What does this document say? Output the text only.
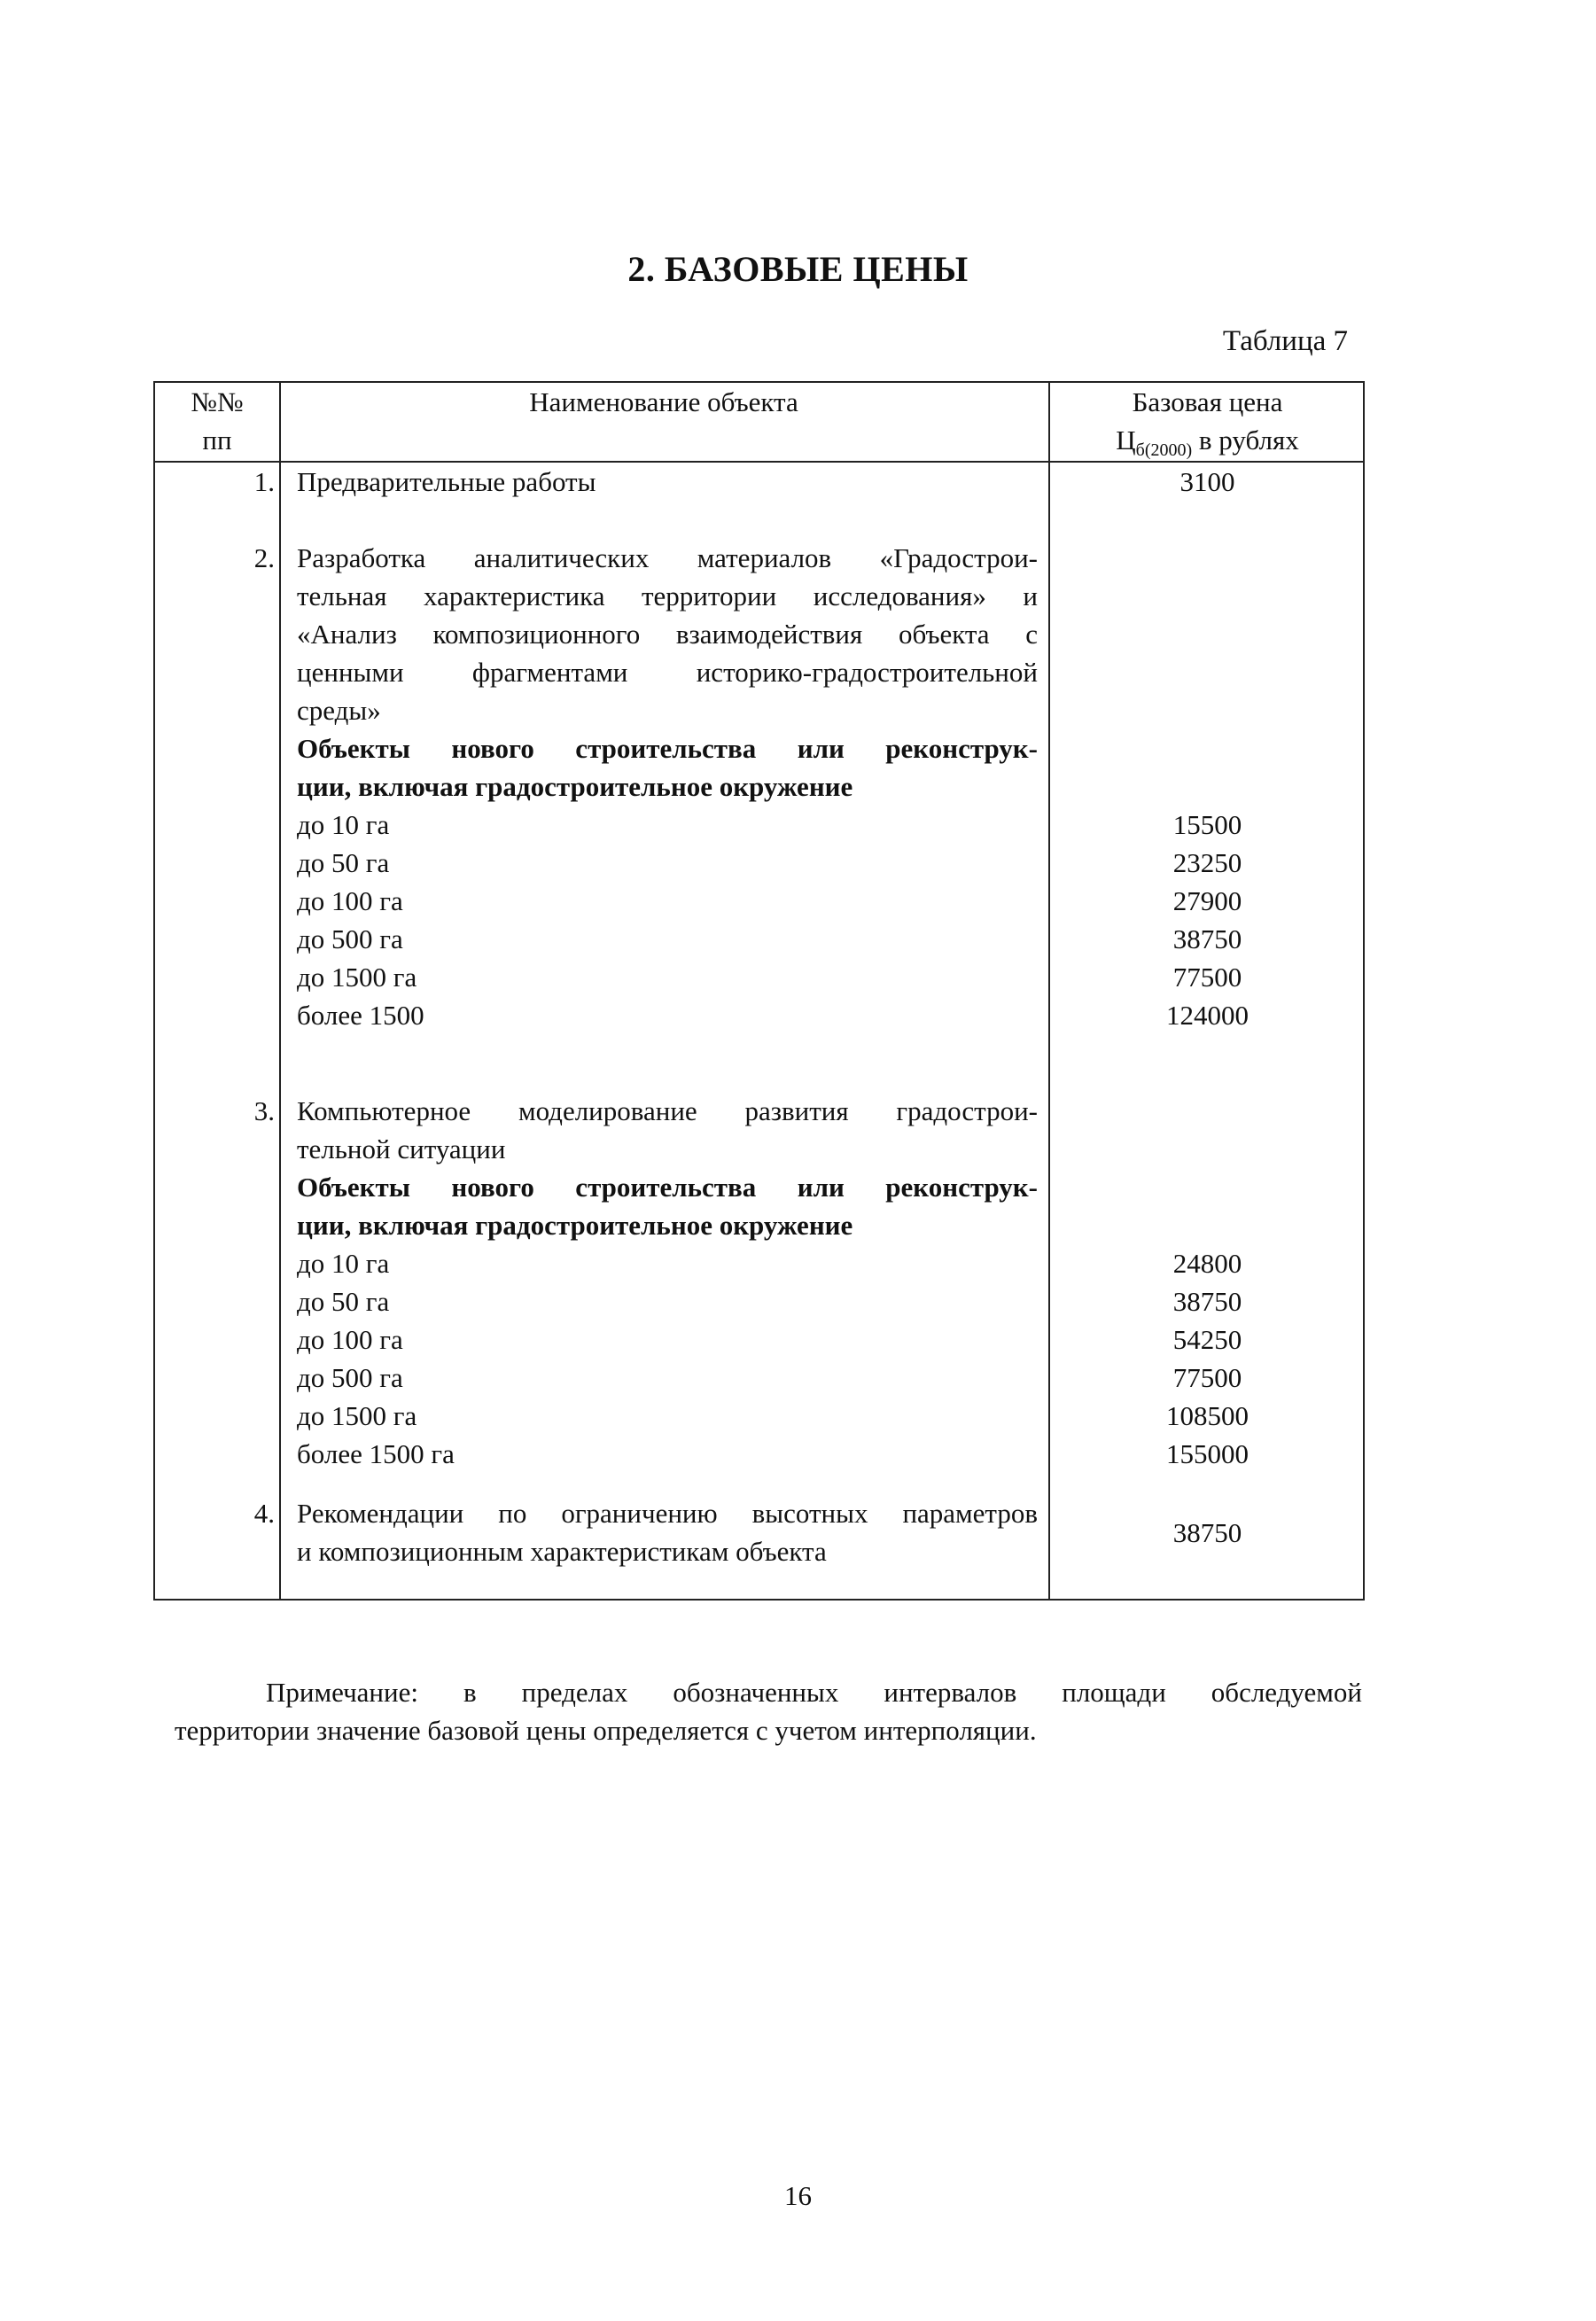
2. БАЗОВЫЕ ЦЕНЫ
Таблица 7
№№
пп
Наименование объекта	Базовая цена
$Ц_{б(2000)}$ в рублях
1. Предварительные работы	3100
2. Разработка аналитических материалов «Градострои-
тельная характеристика территории исследования» и
«Анализ композиционного взаимодействия объекта с
ценными фрагментами историко-градостроительной
среды»
Объекты нового строительства или реконструк-
ции, включая градостроительное окружение
до 10 га
до 50 га
до 100 га
до 500 га
до 1500 га
более 1500
15500
23250
27900
38750
77500
124000
3. Компьютерное моделирование развития градострои-
тельной ситуации
Объекты нового строительства или реконструк-
ции, включая градостроительное окружение
до 10 га
до 50 га
до 100 га
до 500 га
до 1500 га
более 1500 га
24800
38750
54250
77500
108500
155000
4. Рекомендации по ограничению высотных параметров
и композиционным характеристикам объекта
38750
Примечание: в пределах обозначенных интервалов площади обследуемой
территории значение базовой цены определяется с учетом интерполяции.
16
